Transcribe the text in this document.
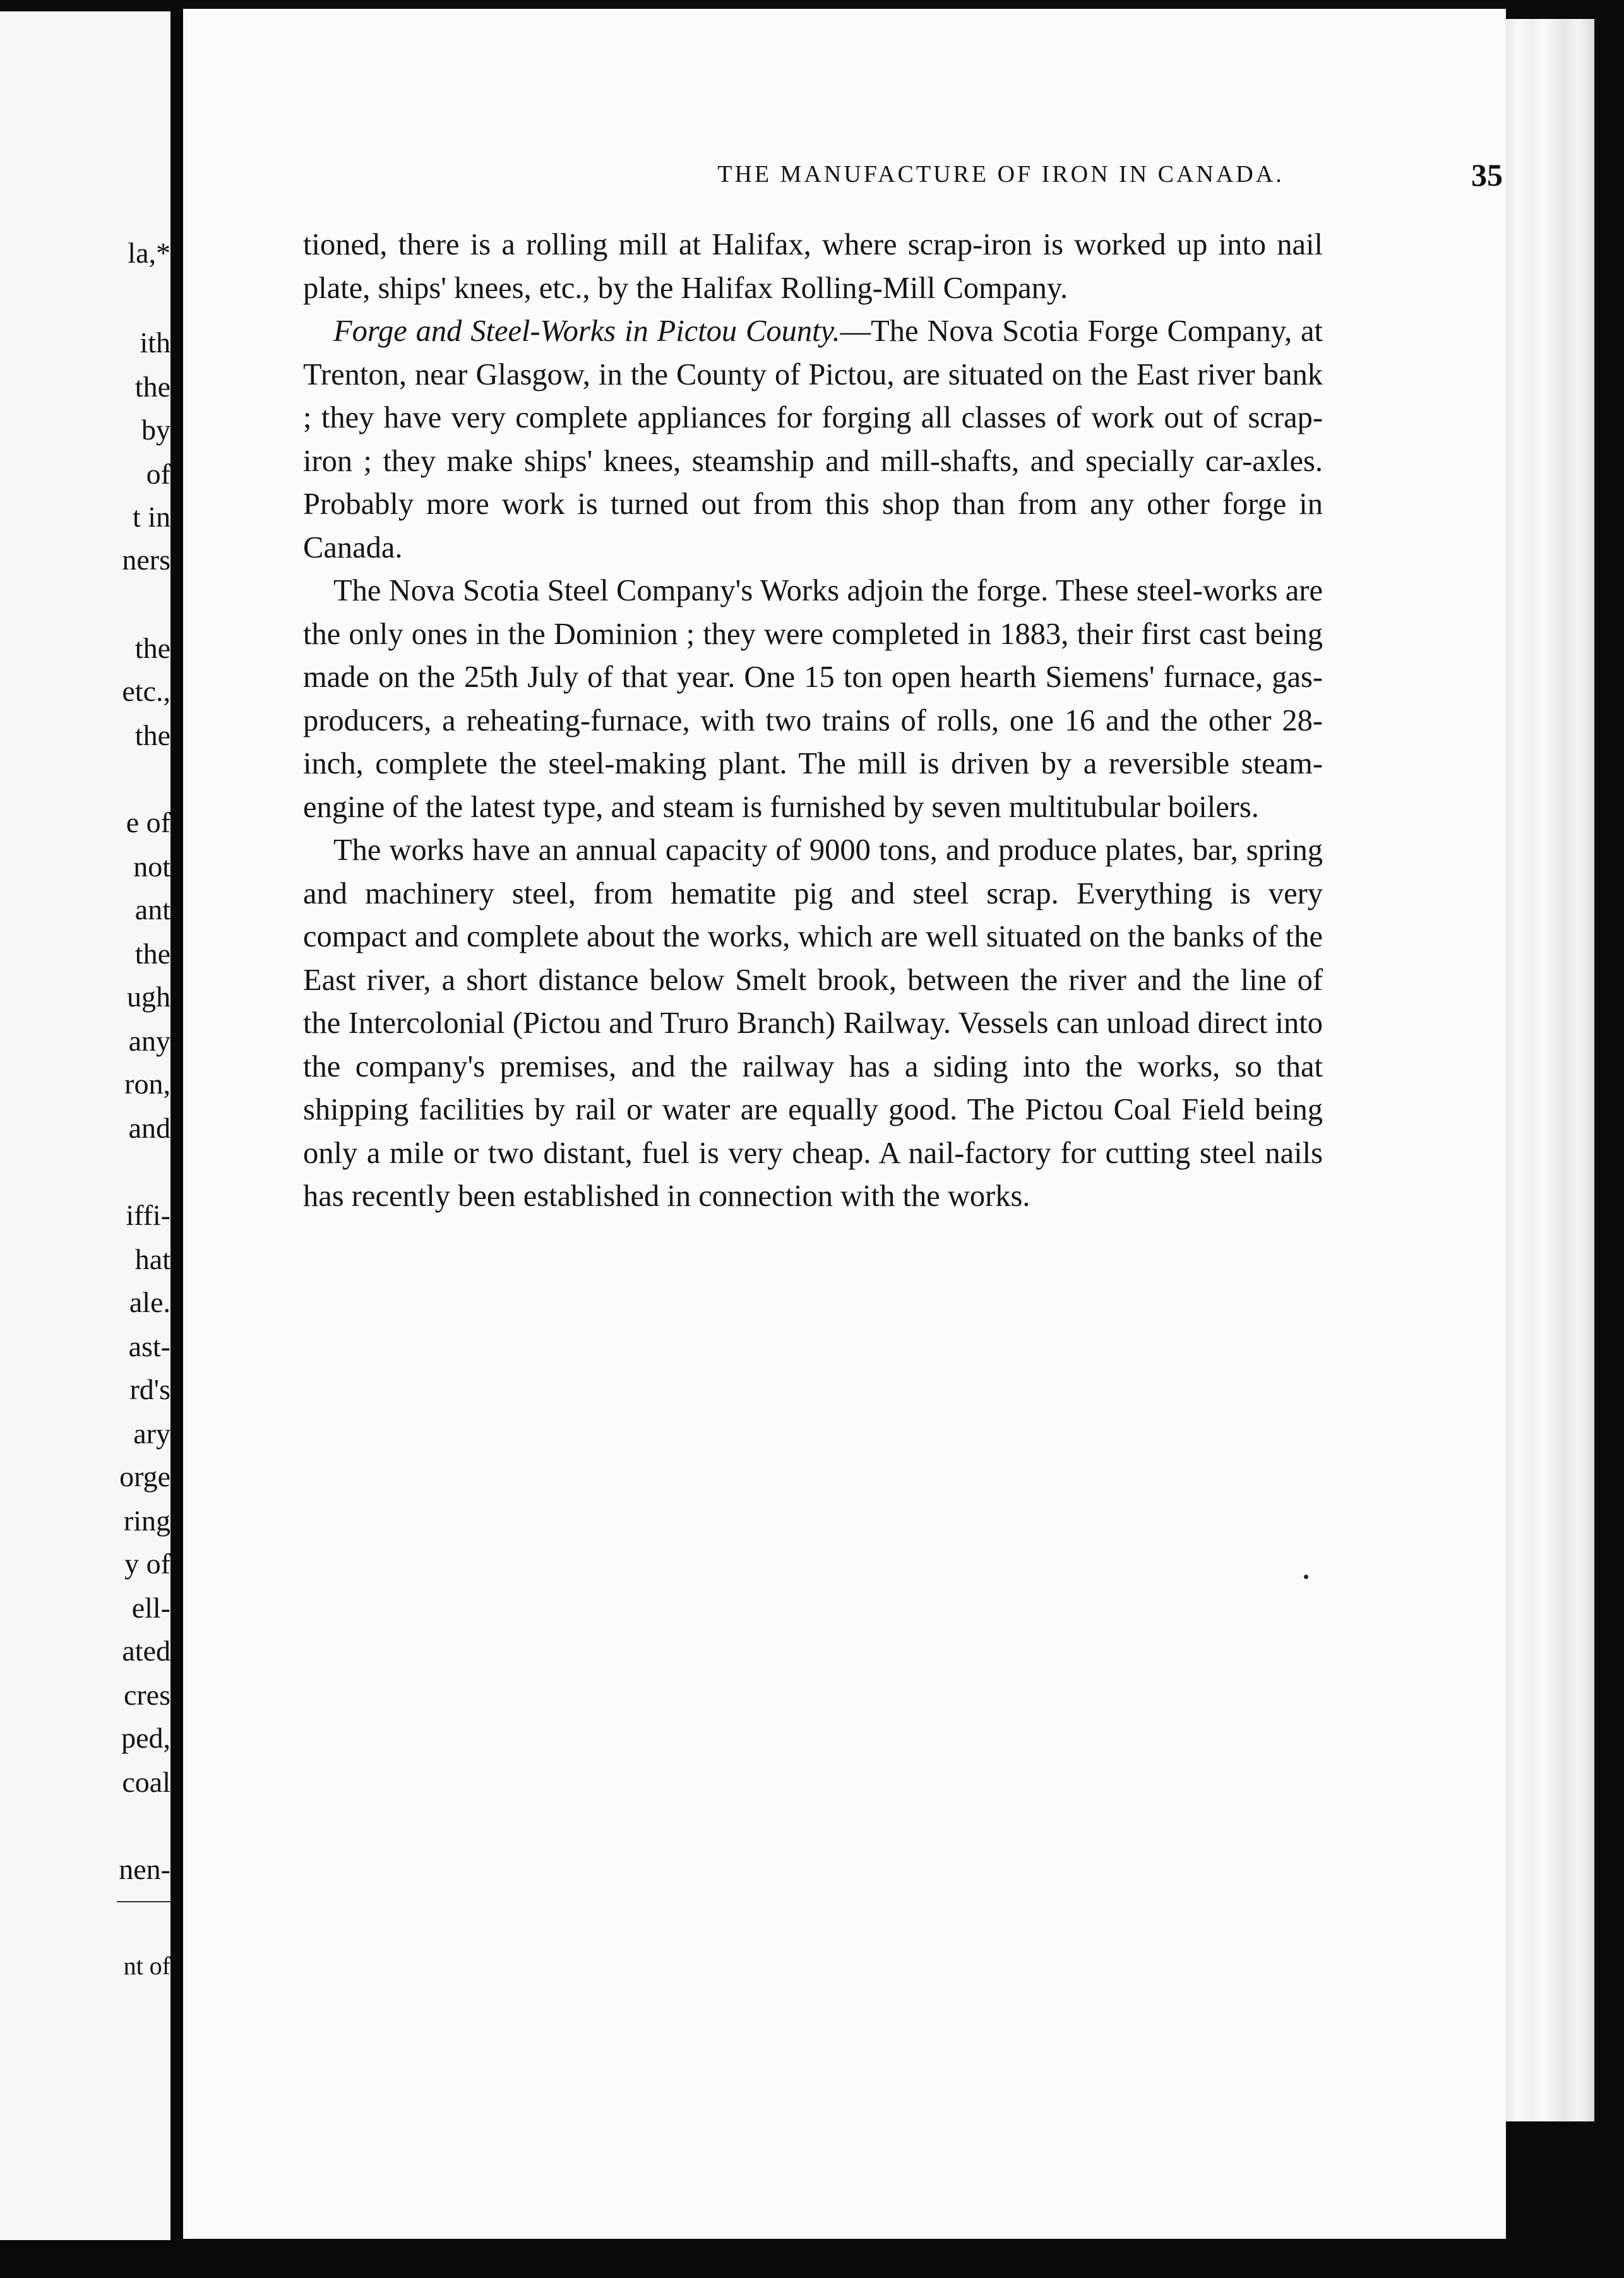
la,*
ith
the
by
of
t in
ners
the
etc.,
the
e of
not
ant
the
ugh
any
ron,
and
iffi-
hat
ale.
ast-
rd's
ary
orge
ring
y of
ell-
ated
cres
ped,
coal
nen-
nt of
THE MANUFACTURE OF IRON IN CANADA.	35

tioned, there is a rolling mill at Halifax, where scrap-iron is worked up into nail plate, ships' knees, etc., by the Halifax Rolling-Mill Company.

Forge and Steel-Works in Pictou County.—The Nova Scotia Forge Company, at Trenton, near Glasgow, in the County of Pictou, are situated on the East river bank ; they have very complete appliances for forging all classes of work out of scrap-iron ; they make ships' knees, steamship and mill-shafts, and specially car-axles. Probably more work is turned out from this shop than from any other forge in Canada.

The Nova Scotia Steel Company's Works adjoin the forge. These steel-works are the only ones in the Dominion ; they were completed in 1883, their first cast being made on the 25th July of that year. One 15 ton open hearth Siemens' furnace, gas-producers, a reheating-furnace, with two trains of rolls, one 16 and the other 28-inch, complete the steel-making plant. The mill is driven by a reversible steam-engine of the latest type, and steam is furnished by seven multitubular boilers.

The works have an annual capacity of 9000 tons, and produce plates, bar, spring and machinery steel, from hematite pig and steel scrap. Everything is very compact and complete about the works, which are well situated on the banks of the East river, a short distance below Smelt brook, between the river and the line of the Intercolonial (Pictou and Truro Branch) Railway. Vessels can unload direct into the company's premises, and the railway has a siding into the works, so that shipping facilities by rail or water are equally good. The Pictou Coal Field being only a mile or two distant, fuel is very cheap. A nail-factory for cutting steel nails has recently been established in connection with the works.
